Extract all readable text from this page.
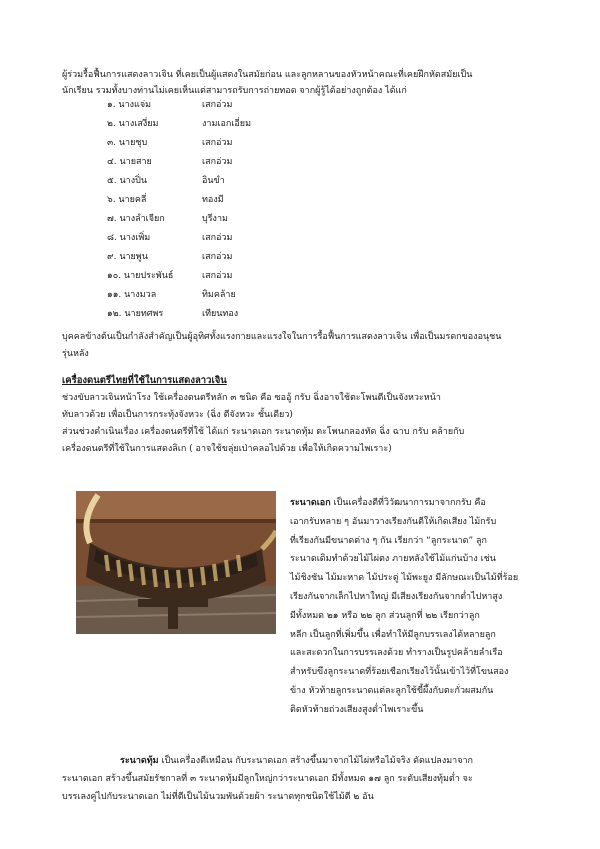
ผู้ร่วมรื้อฟื้นการแสดงลาวเจิน ที่เคยเป็นผู้แสดงในสมัยก่อน และลูกหลานของหัวหน้าคณะที่เคยฝึกหัดสมัยเป็น
นักเรียน รวมทั้งบางท่านไม่เคยเห็นแต่สามารถรับการถ่ายทอด จากผู้รู้ได้อย่างถูกต้อง ได้แก่
๑. นางแจ่ม	เสกอ่วม
๒. นางเสงี่ยม	งามเอกเอี่ยม
๓. นายชุบ	เสกอ่วม
๔. นายสาย	เสกอ่วม
๕. นางปิ่น	อินขำ
๖. นายคลี่	ทองมี
๗. นางลำเจียก	บุรีงาม
๘. นางเพิ่ม	เสกอ่วม
๙. นายพูน	เสกอ่วม
๑๐. นายประพันธ์	เสกอ่วม
๑๑. นางมวล	ทิมคล้าย
๑๒. นายทศพร	เทียนทอง
บุคคลข้างต้นเป็นกำลังสำคัญเป็นผู้อุทิศทั้งแรงกายและแรงใจในการรื้อฟื้นการแสดงลาวเจิน เพื่อเป็นมรดกของอนุชน
รุ่นหลัง
เครื่องดนตรีไทยที่ใช้ในการแสดงลาวเจิน
ช่วงขับลาวเจินหน้าโรง ใช้เครื่องดนตรีหลัก ๓ ชนิด คือ ซออู้ กรับ ฉิ่งอาจใช้ตะโพนตีเป็นจังหวะหน้า
ทับลาวด้วย เพื่อเป็นการกระทุ้งจังหวะ (ฉิ่ง ตีจังหวะ ชั้นเดียว)
ส่วนช่วงดำเนินเรื่อง เครื่องดนตรีที่ใช้ ได้แก่ ระนาดเอก ระนาดทุ้ม ตะโพนกลองทัด ฉิ่ง ฉาบ กรับ คล้ายกับ
เครื่องดนตรีที่ใช้ในการแสดงลิเก ( อาจใช้ขลุ่ยเป่าคลอไปด้วย เพื่อให้เกิดความไพเราะ)
ระนาดเอก เป็นเครื่องตีที่วิวัฒนาการมาจากกรับ คือ
เอากรับหลาย ๆ อันมาวางเรียงกันตีให้เกิดเสียง ไม้กรับ
ที่เรียงกันมีขนาดต่าง ๆ กัน เรียกว่า “ลูกระนาด” ลูก
ระนาดเดิมทำด้วยไม้ไผ่ตง ภายหลังใช้ไม้แก่นบ้าง เช่น
ไม้ชิงชัน ไม้มะหาด ไม้ประดู่ ไม้พะยูง มีลักษณะเป็นไม้ที่ร้อย
เรียงกันจากเล็กไปหาใหญ่ มีเสียงเรียงกันจากต่ำไปหาสูง
มีทั้งหมด ๒๑ หรือ ๒๒ ลูก ส่วนลูกที่ ๒๒ เรียกว่าลูก
หลีก เป็นลูกที่เพิ่มขึ้น เพื่อทำให้มีลูกบรรเลงได้หลายลูก
และสะดวกในการบรรเลงด้วย ทำรางเป็นรูปคล้ายลำเรือ
สำหรับขึงลูกระนาดที่ร้อยเชือกเรียงไว้นั้นเข้าไว้ที่โขนสอง
ข้าง หัวท้ายลูกระนาดแต่ละลูกใช้ขี้ผึ้งกับตะกั่วผสมกัน
ติดหัวท้ายถ่วงเสียงสูงต่ำไพเราะขึ้น
ระนาดทุ้ม เป็นเครื่องตีเหมือน กับระนาดเอก สร้างขึ้นมาจากไม้ไผ่หรือไม้จริง ดัดแปลงมาจาก
ระนาดเอก สร้างขึ้นสมัยรัชกาลที่ ๓ ระนาดทุ้มมีลูกใหญ่กว่าระนาดเอก มีทั้งหมด ๑๗ ลูก ระดับเสียงทุ้มต่ำ จะ
บรรเลงคู่ไปกับระนาดเอก ไม่ที่ตีเป็นไม้นวมพันด้วยผ้า ระนาดทุกชนิดใช้ไม้ตี ๒ อัน
